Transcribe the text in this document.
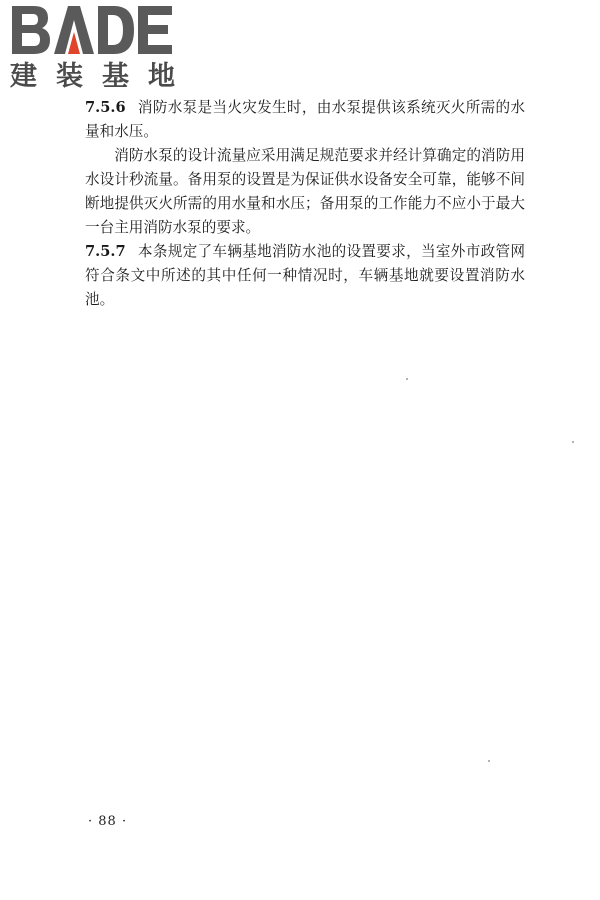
建 装 基 地

7.5.6 消防水泵是当火灾发生时，由水泵提供该系统灭火所需的水量和水压。

消防水泵的设计流量应采用满足规范要求并经计算确定的消防用水设计秒流量。备用泵的设置是为保证供水设备安全可靠，能够不间断地提供灭火所需的用水量和水压；备用泵的工作能力不应小于最大一台主用消防水泵的要求。

7.5.7 本条规定了车辆基地消防水池的设置要求，当室外市政管网符合条文中所述的其中任何一种情况时，车辆基地就要设置消防水池。

· 88 ·
